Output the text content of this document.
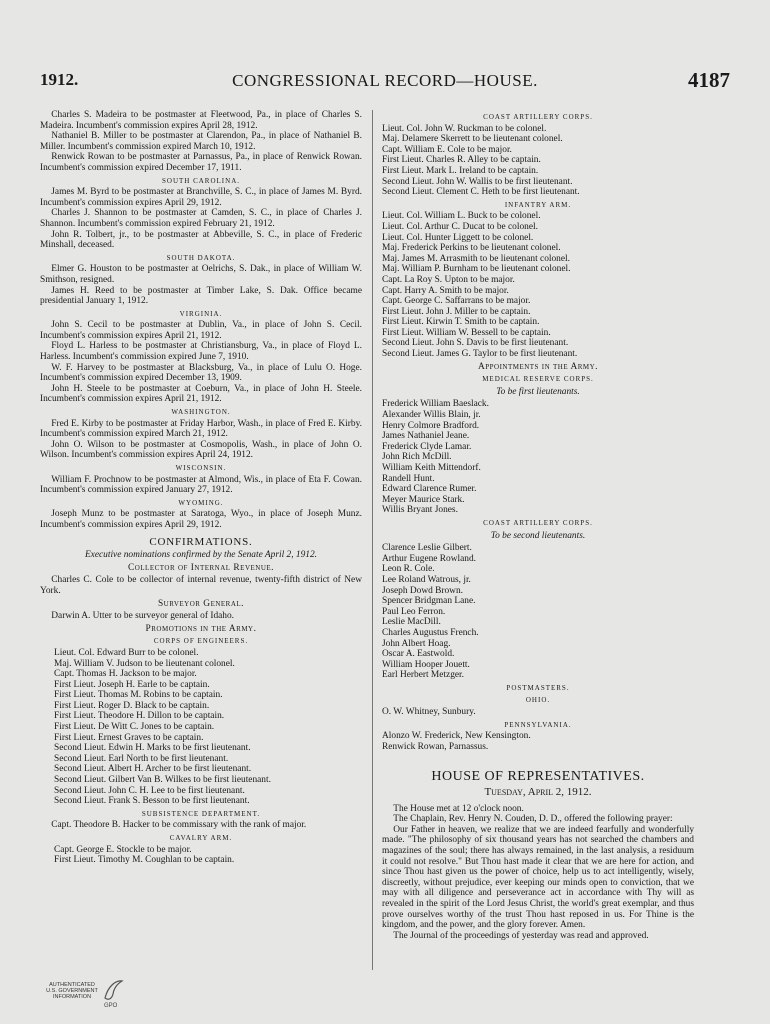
1912.	CONGRESSIONAL RECORD—HOUSE.	4187

Charles S. Madeira to be postmaster at Fleetwood, Pa., in place of Charles S. Madeira. Incumbent's commission expires April 28, 1912.

Nathaniel B. Miller to be postmaster at Clarendon, Pa., in place of Nathaniel B. Miller. Incumbent's commission expired March 10, 1912.

Renwick Rowan to be postmaster at Parnassus, Pa., in place of Renwick Rowan. Incumbent's commission expired December 17, 1911.

SOUTH CAROLINA.

James M. Byrd to be postmaster at Branchville, S. C., in place of James M. Byrd. Incumbent's commission expires April 29, 1912.

Charles J. Shannon to be postmaster at Camden, S. C., in place of Charles J. Shannon. Incumbent's commission expired February 21, 1912.

John R. Tolbert, jr., to be postmaster at Abbeville, S. C., in place of Frederic Minshall, deceased.

SOUTH DAKOTA.

Elmer G. Houston to be postmaster at Oelrichs, S. Dak., in place of William W. Smithson, resigned.

James H. Reed to be postmaster at Timber Lake, S. Dak. Office became presidential January 1, 1912.

VIRGINIA.

John S. Cecil to be postmaster at Dublin, Va., in place of John S. Cecil. Incumbent's commission expires April 21, 1912.

Floyd L. Harless to be postmaster at Christiansburg, Va., in place of Floyd L. Harless. Incumbent's commission expired June 7, 1910.

W. F. Harvey to be postmaster at Blacksburg, Va., in place of Lulu O. Hoge. Incumbent's commission expired December 13, 1909.

John H. Steele to be postmaster at Coeburn, Va., in place of John H. Steele. Incumbent's commission expires April 21, 1912.

WASHINGTON.

Fred E. Kirby to be postmaster at Friday Harbor, Wash., in place of Fred E. Kirby. Incumbent's commission expired March 21, 1912.

John O. Wilson to be postmaster at Cosmopolis, Wash., in place of John O. Wilson. Incumbent's commission expires April 24, 1912.

WISCONSIN.

William F. Prochnow to be postmaster at Almond, Wis., in place of Eta F. Cowan. Incumbent's commission expired January 27, 1912.

WYOMING.

Joseph Munz to be postmaster at Saratoga, Wyo., in place of Joseph Munz. Incumbent's commission expires April 29, 1912.

CONFIRMATIONS.
Executive nominations confirmed by the Senate April 2, 1912.
Collector of Internal Revenue.

Charles C. Cole to be collector of internal revenue, twenty-fifth district of New York.

Surveyor General.

Darwin A. Utter to be surveyor general of Idaho.

Promotions in the Army.
CORPS OF ENGINEERS.
Lieut. Col. Edward Burr to be colonel.
Maj. William V. Judson to be lieutenant colonel.
Capt. Thomas H. Jackson to be major.
First Lieut. Joseph H. Earle to be captain.
First Lieut. Thomas M. Robins to be captain.
First Lieut. Roger D. Black to be captain.
First Lieut. Theodore H. Dillon to be captain.
First Lieut. De Witt C. Jones to be captain.
First Lieut. Ernest Graves to be captain.
Second Lieut. Edwin H. Marks to be first lieutenant.
Second Lieut. Earl North to be first lieutenant.
Second Lieut. Albert H. Archer to be first lieutenant.
Second Lieut. Gilbert Van B. Wilkes to be first lieutenant.
Second Lieut. John C. H. Lee to be first lieutenant.
Second Lieut. Frank S. Besson to be first lieutenant.
SUBSISTENCE DEPARTMENT.

Capt. Theodore B. Hacker to be commissary with the rank of major.

CAVALRY ARM.
Capt. George E. Stockle to be major.
First Lieut. Timothy M. Coughlan to be captain.
COAST ARTILLERY CORPS.
Lieut. Col. John W. Ruckman to be colonel.
Maj. Delamere Skerrett to be lieutenant colonel.
Capt. William E. Cole to be major.
First Lieut. Charles R. Alley to be captain.
First Lieut. Mark L. Ireland to be captain.
Second Lieut. John W. Wallis to be first lieutenant.
Second Lieut. Clement C. Heth to be first lieutenant.
INFANTRY ARM.
Lieut. Col. William L. Buck to be colonel.
Lieut. Col. Arthur C. Ducat to be colonel.
Lieut. Col. Hunter Liggett to be colonel.
Maj. Frederick Perkins to be lieutenant colonel.
Maj. James M. Arrasmith to be lieutenant colonel.
Maj. William P. Burnham to be lieutenant colonel.
Capt. La Roy S. Upton to be major.
Capt. Harry A. Smith to be major.
Capt. George C. Saffarrans to be major.
First Lieut. John J. Miller to be captain.
First Lieut. Kirwin T. Smith to be captain.
First Lieut. William W. Bessell to be captain.
Second Lieut. John S. Davis to be first lieutenant.
Second Lieut. James G. Taylor to be first lieutenant.
Appointments in the Army.
MEDICAL RESERVE CORPS.
To be first lieutenants.
Frederick William Baeslack.
Alexander Willis Blain, jr.
Henry Colmore Bradford.
James Nathaniel Jeane.
Frederick Clyde Lamar.
John Rich McDill.
William Keith Mittendorf.
Randell Hunt.
Edward Clarence Rumer.
Meyer Maurice Stark.
Willis Bryant Jones.
COAST ARTILLERY CORPS.
To be second lieutenants.
Clarence Leslie Gilbert.
Arthur Eugene Rowland.
Leon R. Cole.
Lee Roland Watrous, jr.
Joseph Dowd Brown.
Spencer Bridgman Lane.
Paul Leo Ferron.
Leslie MacDill.
Charles Augustus French.
John Albert Hoag.
Oscar A. Eastwold.
William Hooper Jouett.
Earl Herbert Metzger.
POSTMASTERS.
OHIO.
O. W. Whitney, Sunbury.
PENNSYLVANIA.
Alonzo W. Frederick, New Kensington.
Renwick Rowan, Parnassus.
HOUSE OF REPRESENTATIVES.
Tuesday, April 2, 1912.

The House met at 12 o'clock noon.

The Chaplain, Rev. Henry N. Couden, D. D., offered the following prayer:

Our Father in heaven, we realize that we are indeed fearfully and wonderfully made. "The philosophy of six thousand years has not searched the chambers and magazines of the soul; there has always remained, in the last analysis, a residuum it could not resolve." But Thou hast made it clear that we are here for action, and since Thou hast given us the power of choice, help us to act intelligently, wisely, discreetly, without prejudice, ever keeping our minds open to conviction, that we may with all diligence and perseverance act in accordance with Thy will as revealed in the spirit of the Lord Jesus Christ, the world's great exemplar, and thus prove ourselves worthy of the trust Thou hast reposed in us. For Thine is the kingdom, and the power, and the glory forever. Amen.

The Journal of the proceedings of yesterday was read and approved.

AUTHENTICATED U.S. GOVERNMENT INFORMATION
GPO
